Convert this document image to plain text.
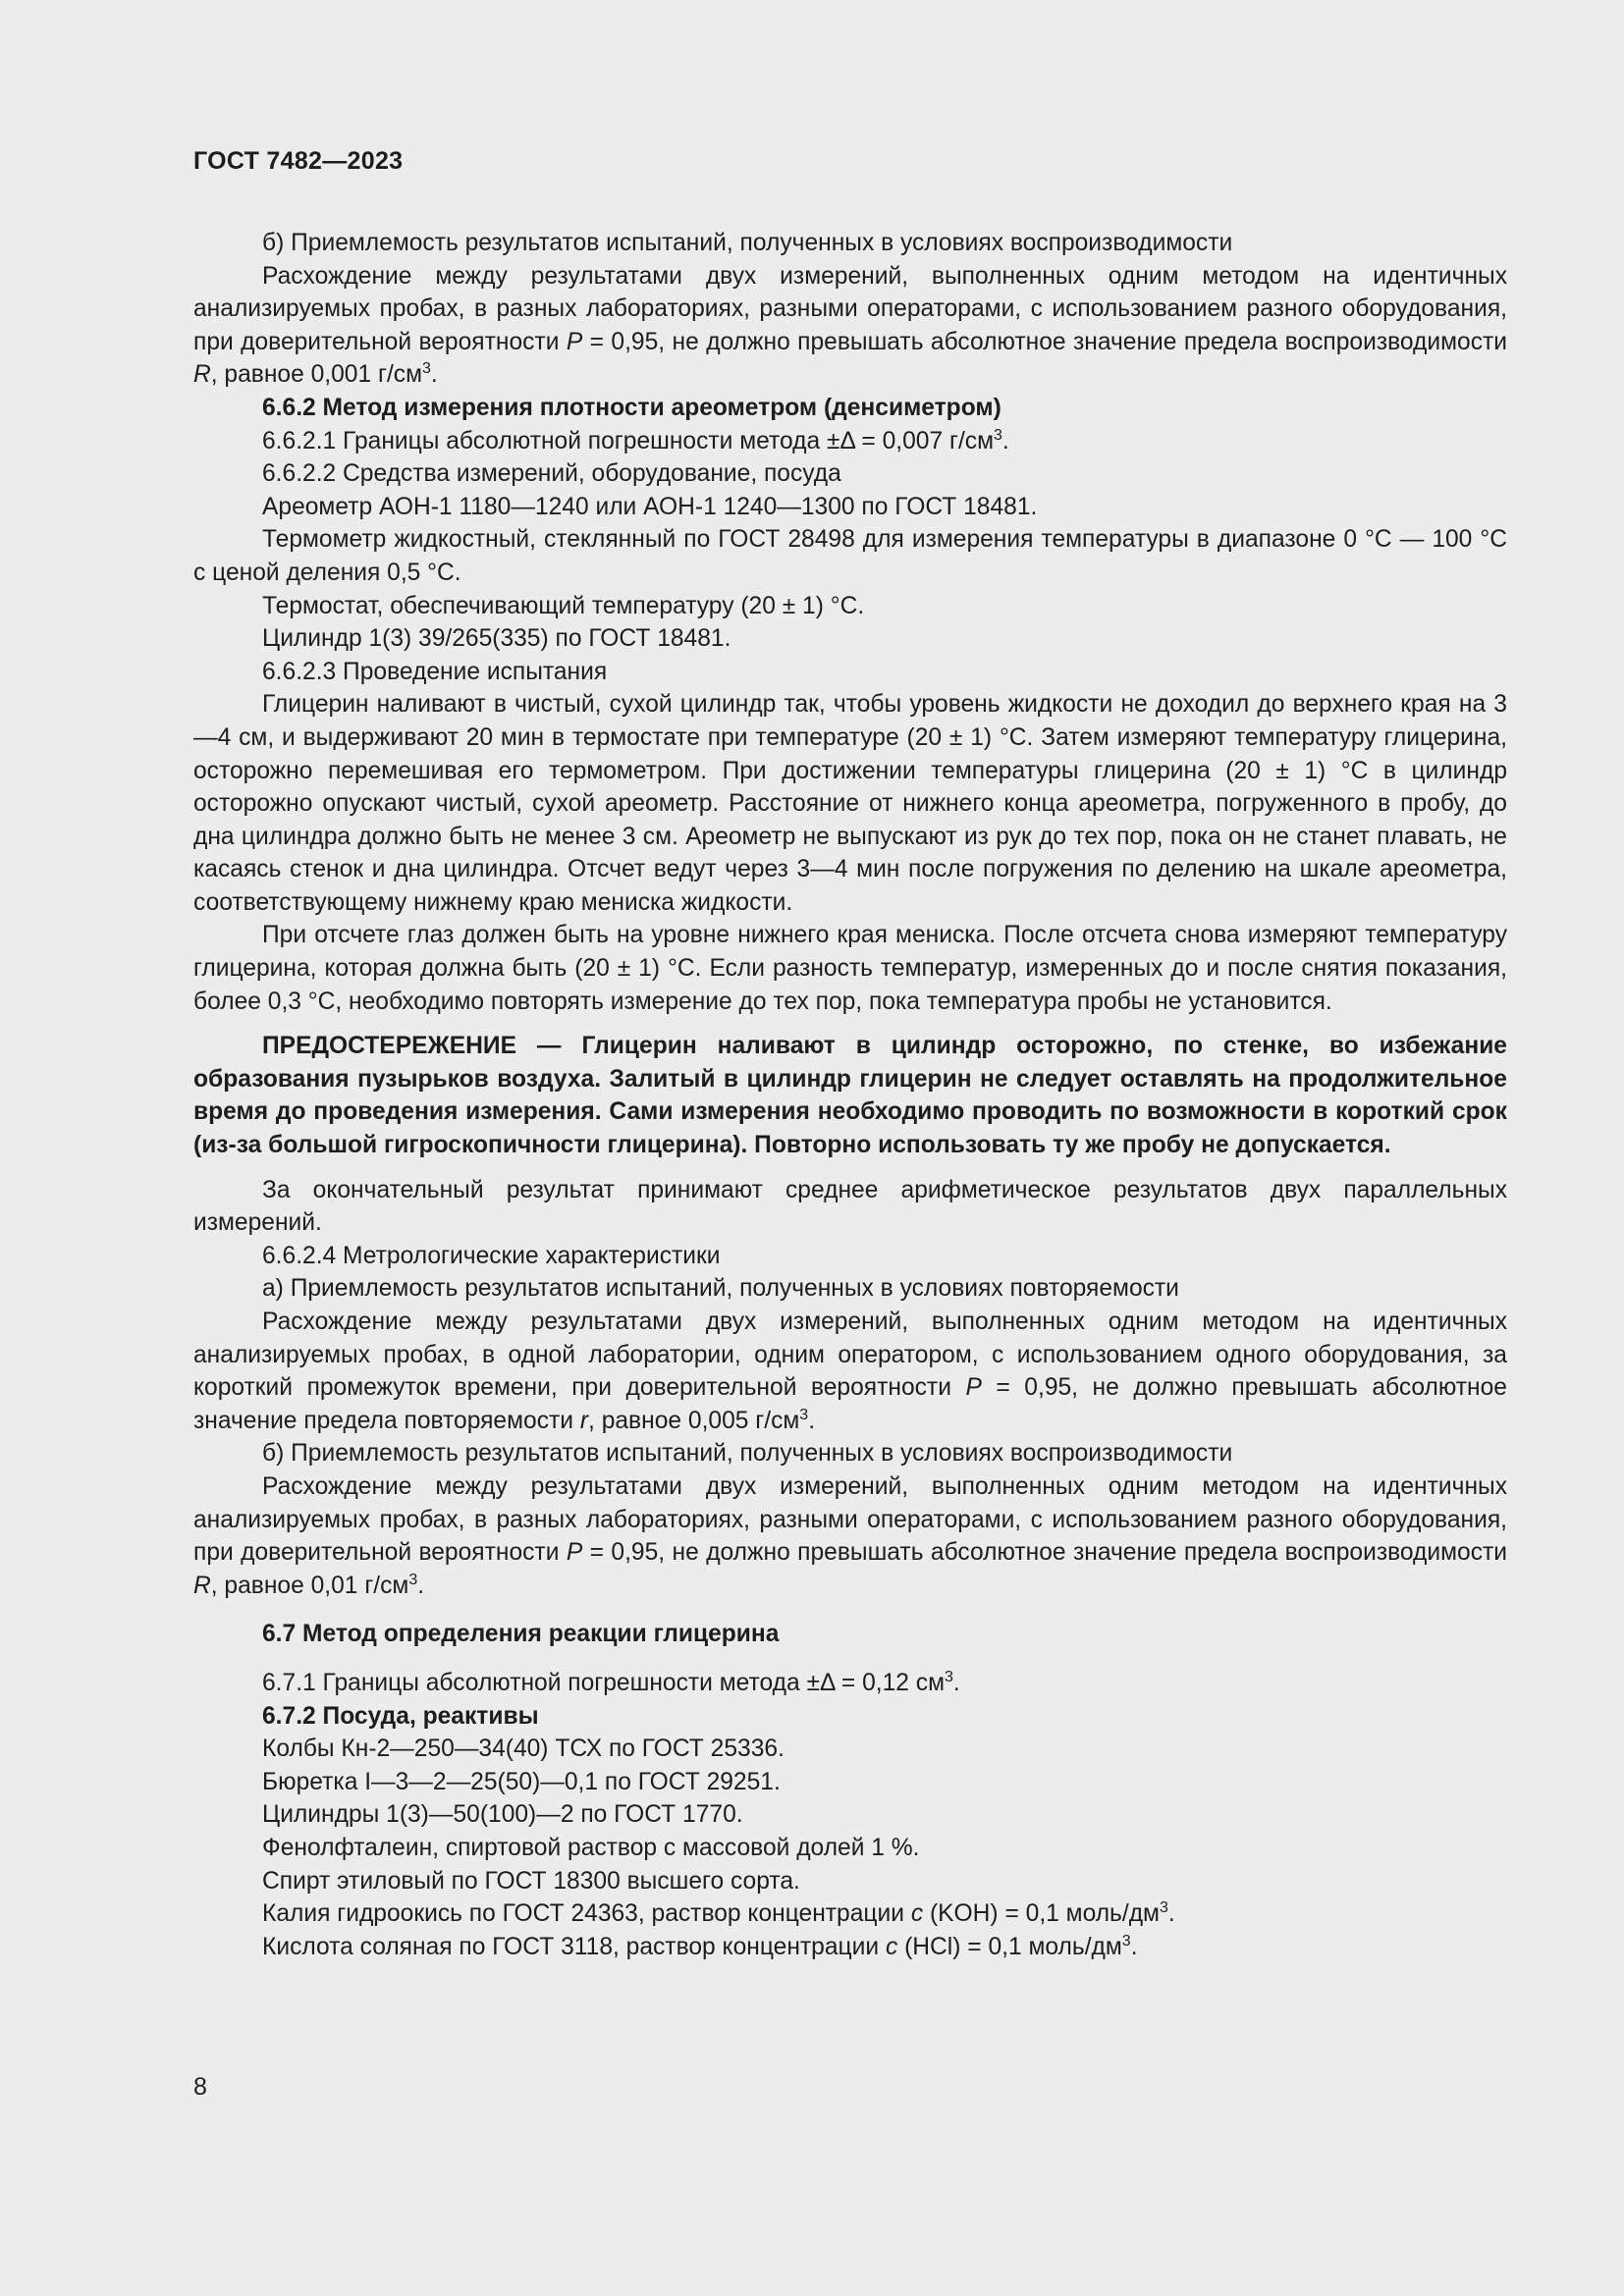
ГОСТ 7482—2023

б) Приемлемость результатов испытаний, полученных в условиях воспроизводимости

Расхождение между результатами двух измерений, выполненных одним методом на идентичных анализируемых пробах, в разных лабораториях, разными операторами, с использованием разного оборудования, при доверительной вероятности P = 0,95, не должно превышать абсолютное значение предела воспроизводимости R, равное 0,001 $г/см^3$.

6.6.2 Метод измерения плотности ареометром (денсиметром)

6.6.2.1 Границы абсолютной погрешности метода ±Δ = 0,007 $г/см^3$.

6.6.2.2 Средства измерений, оборудование, посуда

Ареометр АОН-1 1180—1240 или АОН-1 1240—1300 по ГОСТ 18481.

Термометр жидкостный, стеклянный по ГОСТ 28498 для измерения температуры в диапазоне 0 °С — 100 °С с ценой деления 0,5 °С.

Термостат, обеспечивающий температуру (20 ± 1) °С.

Цилиндр 1(3) 39/265(335) по ГОСТ 18481.

6.6.2.3 Проведение испытания

Глицерин наливают в чистый, сухой цилиндр так, чтобы уровень жидкости не доходил до верхнего края на 3—4 см, и выдерживают 20 мин в термостате при температуре (20 ± 1) °С. Затем измеряют температуру глицерина, осторожно перемешивая его термометром. При достижении температуры глицерина (20 ± 1) °С в цилиндр осторожно опускают чистый, сухой ареометр. Расстояние от нижнего конца ареометра, погруженного в пробу, до дна цилиндра должно быть не менее 3 см. Ареометр не выпускают из рук до тех пор, пока он не станет плавать, не касаясь стенок и дна цилиндра. Отсчет ведут через 3—4 мин после погружения по делению на шкале ареометра, соответствующему нижнему краю мениска жидкости.

При отсчете глаз должен быть на уровне нижнего края мениска. После отсчета снова измеряют температуру глицерина, которая должна быть (20 ± 1) °С. Если разность температур, измеренных до и после снятия показания, более 0,3 °С, необходимо повторять измерение до тех пор, пока температура пробы не установится.

ПРЕДОСТЕРЕЖЕНИЕ — Глицерин наливают в цилиндр осторожно, по стенке, во избежание образования пузырьков воздуха. Залитый в цилиндр глицерин не следует оставлять на продолжительное время до проведения измерения. Сами измерения необходимо проводить по возможности в короткий срок (из-за большой гигроскопичности глицерина). Повторно использовать ту же пробу не допускается.

За окончательный результат принимают среднее арифметическое результатов двух параллельных измерений.

6.6.2.4 Метрологические характеристики

а) Приемлемость результатов испытаний, полученных в условиях повторяемости

Расхождение между результатами двух измерений, выполненных одним методом на идентичных анализируемых пробах, в одной лаборатории, одним оператором, с использованием одного оборудования, за короткий промежуток времени, при доверительной вероятности P = 0,95, не должно превышать абсолютное значение предела повторяемости r, равное 0,005 $г/см^3$.

б) Приемлемость результатов испытаний, полученных в условиях воспроизводимости

Расхождение между результатами двух измерений, выполненных одним методом на идентичных анализируемых пробах, в разных лабораториях, разными операторами, с использованием разного оборудования, при доверительной вероятности P = 0,95, не должно превышать абсолютное значение предела воспроизводимости R, равное 0,01 $г/см^3$.

6.7 Метод определения реакции глицерина

6.7.1 Границы абсолютной погрешности метода ±Δ = 0,12 $см^3$.

6.7.2 Посуда, реактивы

Колбы Кн-2—250—34(40) ТСХ по ГОСТ 25336.

Бюретка I—3—2—25(50)—0,1 по ГОСТ 29251.

Цилиндры 1(3)—50(100)—2 по ГОСТ 1770.

Фенолфталеин, спиртовой раствор с массовой долей 1 %.

Спирт этиловый по ГОСТ 18300 высшего сорта.

Калия гидроокись по ГОСТ 24363, раствор концентрации с (KOH) = 0,1 моль/$дм^3$.

Кислота соляная по ГОСТ 3118, раствор концентрации с (HCl) = 0,1 моль/$дм^3$.

8
